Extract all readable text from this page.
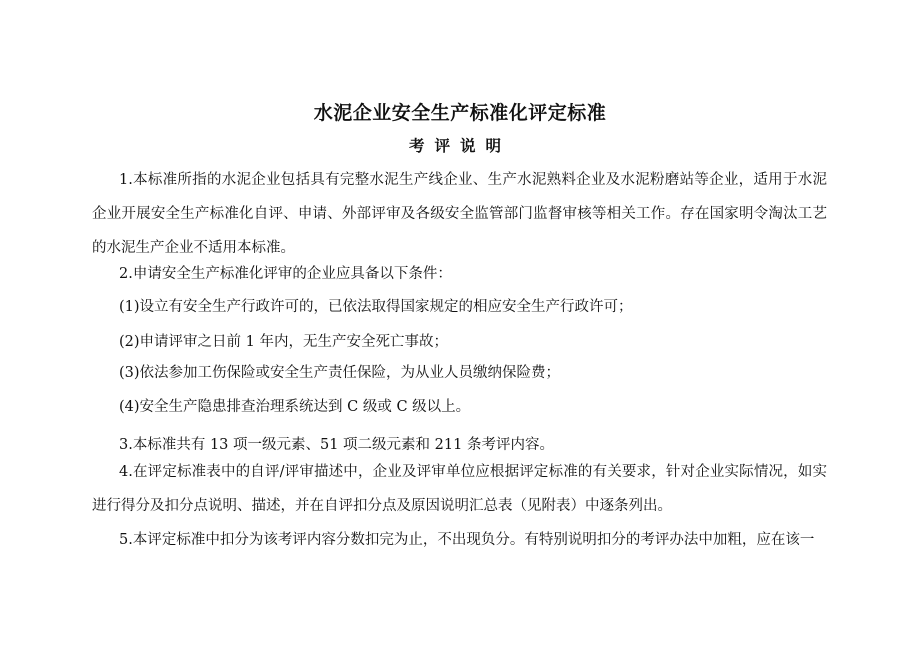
水泥企业安全生产标准化评定标准
考评说明

1.本标准所指的水泥企业包括具有完整水泥生产线企业、生产水泥熟料企业及水泥粉磨站等企业，适用于水泥企业开展安全生产标准化自评、申请、外部评审及各级安全监管部门监督审核等相关工作。存在国家明令淘汰工艺的水泥生产企业不适用本标准。

2.申请安全生产标准化评审的企业应具备以下条件：

(1)设立有安全生产行政许可的，已依法取得国家规定的相应安全生产行政许可；

(2)申请评审之日前 1 年内，无生产安全死亡事故；

(3)依法参加工伤保险或安全生产责任保险，为从业人员缴纳保险费；

(4)安全生产隐患排查治理系统达到 C 级或 C 级以上。

3.本标准共有 13 项一级元素、51 项二级元素和 211 条考评内容。

4.在评定标准表中的自评/评审描述中，企业及评审单位应根据评定标准的有关要求，针对企业实际情况，如实进行得分及扣分点说明、描述，并在自评扣分点及原因说明汇总表（见附表）中逐条列出。

5.本评定标准中扣分为该考评内容分数扣完为止，不出现负分。有特别说明扣分的考评办法中加粗，应在该一
